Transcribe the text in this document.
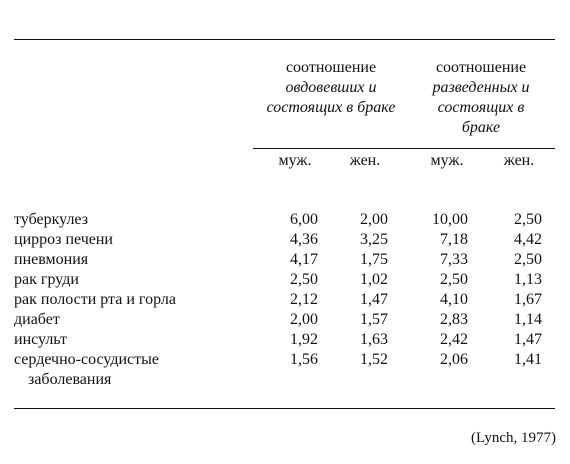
соотношение
овдовевших и
состоящих в браке
соотношение
разведенных и
состоящих в
браке
муж.	жен.	муж.	жен.
туберкулез	6,00	2,00	10,00	2,50
цирроз печени	4,36	3,25	7,18	4,42
пневмония	4,17	1,75	7,33	2,50
рак груди	2,50	1,02	2,50	1,13
рак полости рта и горла	2,12	1,47	4,10	1,67
диабет	2,00	1,57	2,83	1,14
инсульт	1,92	1,63	2,42	1,47
сердечно-сосудистые
заболевания
1,56	1,52	2,06	1,41
(Lynch, 1977)
